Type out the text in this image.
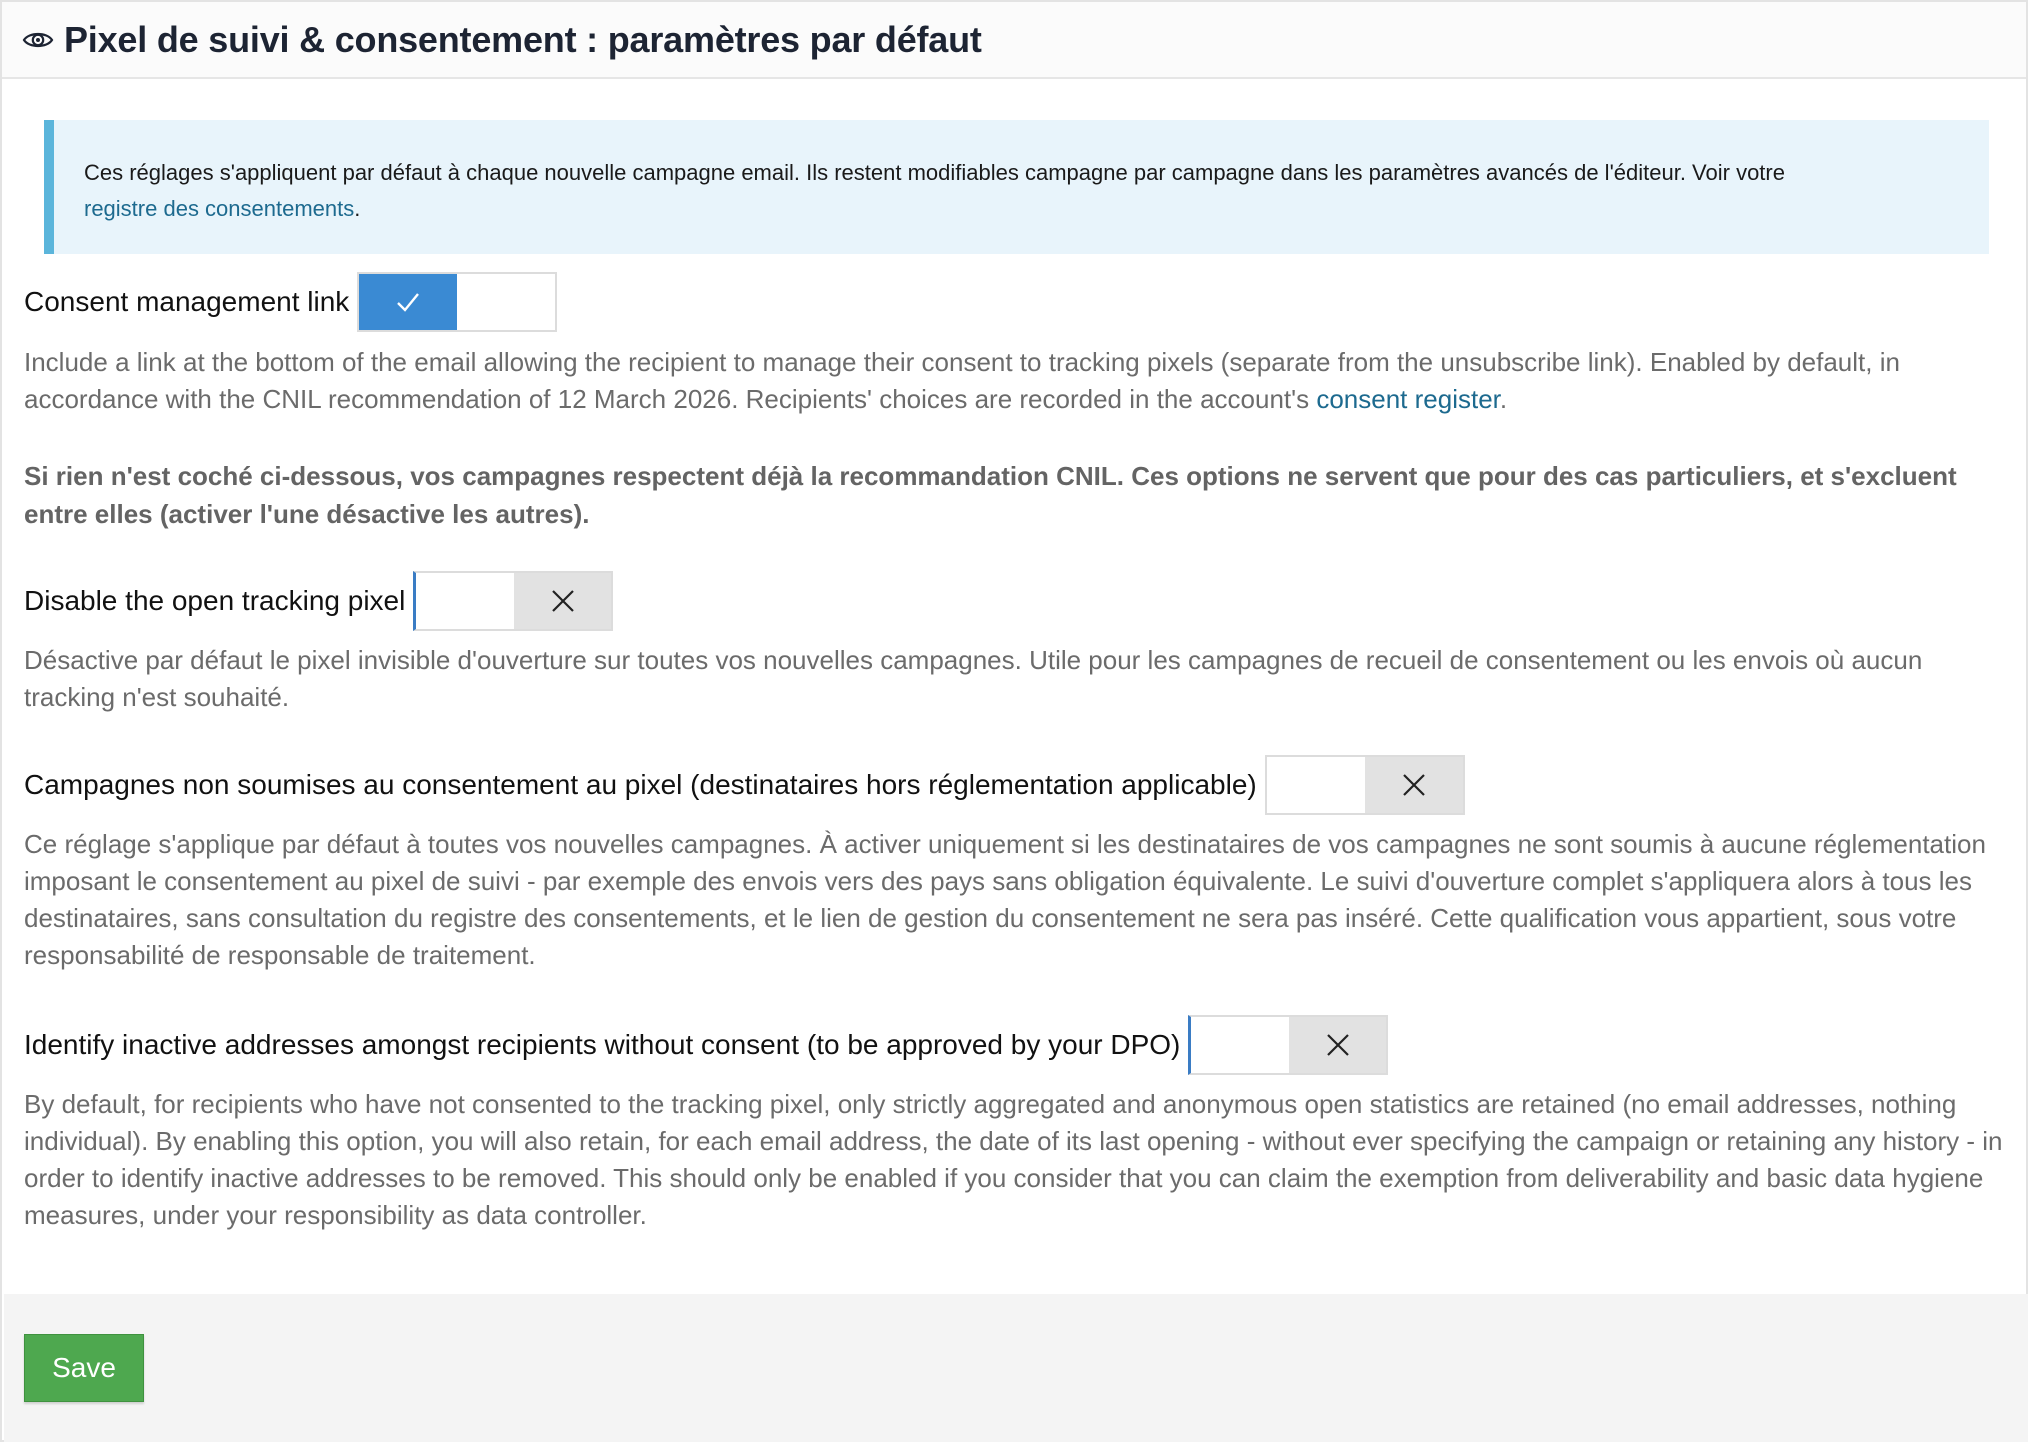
Pixel de suivi & consentement : paramètres par défaut
Ces réglages s'appliquent par défaut à chaque nouvelle campagne email. Ils restent modifiables campagne par campagne dans les paramètres avancés de l'éditeur. Voir votre
registre des consentements.
Consent management link

Include a link at the bottom of the email allowing the recipient to manage their consent to tracking pixels (separate from the unsubscribe link). Enabled by default, in accordance with the CNIL recommendation of 12 March 2026. Recipients' choices are recorded in the account's consent register.

Si rien n'est coché ci-dessous, vos campagnes respectent déjà la recommandation CNIL. Ces options ne servent que pour des cas particuliers, et s'excluent entre elles (activer l'une désactive les autres).

Disable the open tracking pixel

Désactive par défaut le pixel invisible d'ouverture sur toutes vos nouvelles campagnes. Utile pour les campagnes de recueil de consentement ou les envois où aucun tracking n'est souhaité.

Campagnes non soumises au consentement au pixel (destinataires hors réglementation applicable)

Ce réglage s'applique par défaut à toutes vos nouvelles campagnes. À activer uniquement si les destinataires de vos campagnes ne sont soumis à aucune réglementation imposant le consentement au pixel de suivi - par exemple des envois vers des pays sans obligation équivalente. Le suivi d'ouverture complet s'appliquera alors à tous les destinataires, sans consultation du registre des consentements, et le lien de gestion du consentement ne sera pas inséré. Cette qualification vous appartient, sous votre responsabilité de responsable de traitement.

Identify inactive addresses amongst recipients without consent (to be approved by your DPO)

By default, for recipients who have not consented to the tracking pixel, only strictly aggregated and anonymous open statistics are retained (no email addresses, nothing individual). By enabling this option, you will also retain, for each email address, the date of its last opening - without ever specifying the campaign or retaining any history - in order to identify inactive addresses to be removed. This should only be enabled if you consider that you can claim the exemption from deliverability and basic data hygiene measures, under your responsibility as data controller.

Save
